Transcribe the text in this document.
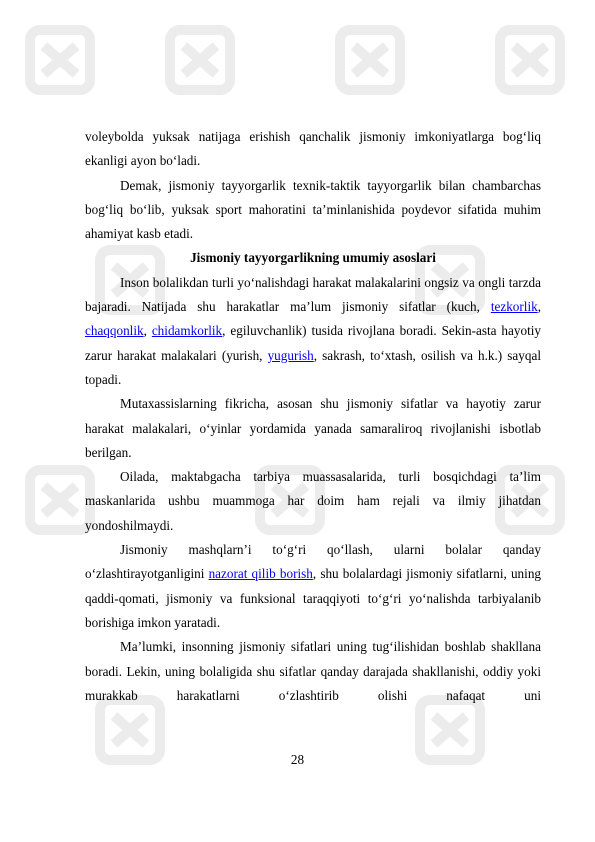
voleybolda yuksak natijaga erishish qanchalik jismoniy imkoniyatlarga bog‘liq ekanligi ayon bo‘ladi.

Demak, jismoniy tayyorgarlik texnik-taktik tayyorgarlik bilan chambarchas bog‘liq bo‘lib, yuksak sport mahoratini ta’minlanishida poydevor sifatida muhim ahamiyat kasb etadi.

Jismoniy tayyorgarlikning umumiy asoslari

Inson bolalikdan turli yo‘nalishdagi harakat malakalarini ongsiz va ongli tarzda bajaradi. Natijada shu harakatlar ma’lum jismoniy sifatlar (kuch, tezkorlik, chaqqonlik, chidamkorlik, egiluvchanlik) tusida rivojlana boradi. Sekin-asta hayotiy zarur harakat malakalari (yurish, yugurish, sakrash, to‘xtash, osilish va h.k.) sayqal topadi.

Mutaxassislarning fikricha, asosan shu jismoniy sifatlar va hayotiy zarur harakat malakalari, o‘yinlar yordamida yanada samaraliroq rivojlanishi isbotlab berilgan.

Oilada, maktabgacha tarbiya muassasalarida, turli bosqichdagi ta’lim maskanlarida ushbu muammoga har doim ham rejali va ilmiy jihatdan yondoshilmaydi.

Jismoniy mashqlarn’i to‘g‘ri qo‘llash, ularni bolalar qanday o‘zlashtirayotganligini nazorat qilib borish, shu bolalardagi jismoniy sifatlarni, uning qaddi-qomati, jismoniy va funksional taraqqiyoti to‘g‘ri yo‘nalishda tarbiyalanib borishiga imkon yaratadi.

Ma’lumki, insonning jismoniy sifatlari uning tug‘ilishidan boshlab shakllana boradi. Lekin, uning bolaligida shu sifatlar qanday darajada shakllanishi, oddiy yoki murakkab harakatlarni o‘zlashtirib olishi nafaqat uni

28
